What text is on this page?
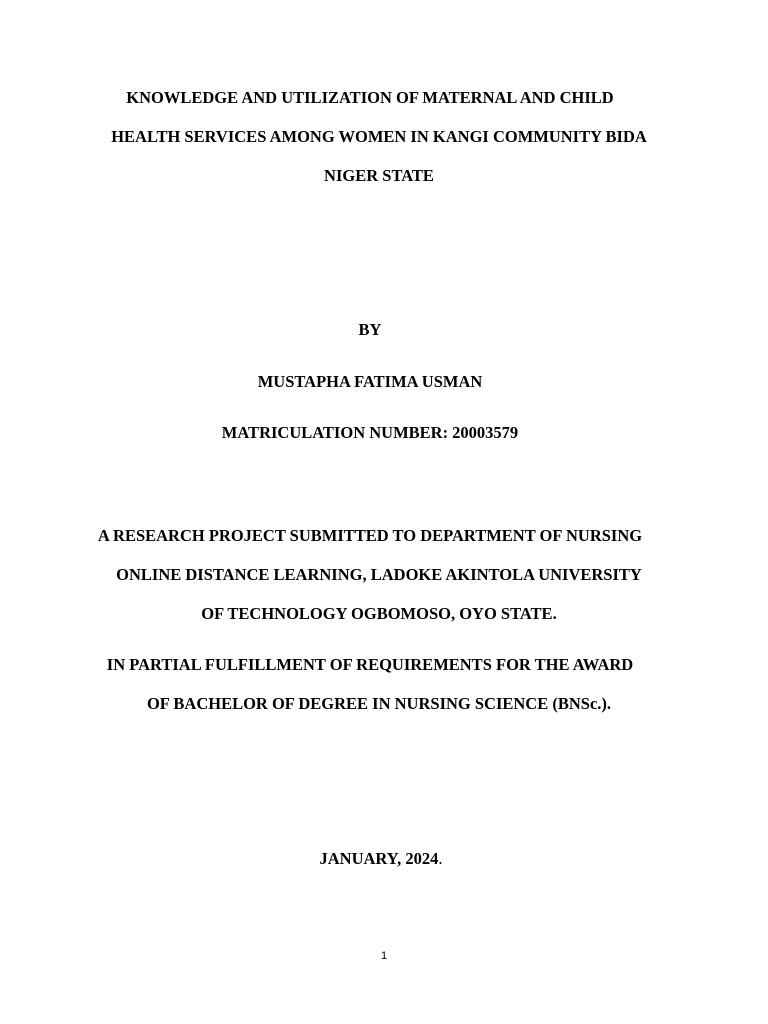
KNOWLEDGE AND UTILIZATION OF MATERNAL AND CHILD
HEALTH SERVICES AMONG WOMEN IN KANGI COMMUNITY BIDA
NIGER STATE
BY
MUSTAPHA FATIMA USMAN
MATRICULATION NUMBER: 20003579
A RESEARCH PROJECT SUBMITTED TO DEPARTMENT OF NURSING
ONLINE DISTANCE LEARNING, LADOKE AKINTOLA UNIVERSITY
OF TECHNOLOGY OGBOMOSO, OYO STATE.
IN PARTIAL FULFILLMENT OF REQUIREMENTS FOR THE AWARD
OF BACHELOR OF DEGREE IN NURSING SCIENCE (BNSc.).
JANUARY, 2024.
1
